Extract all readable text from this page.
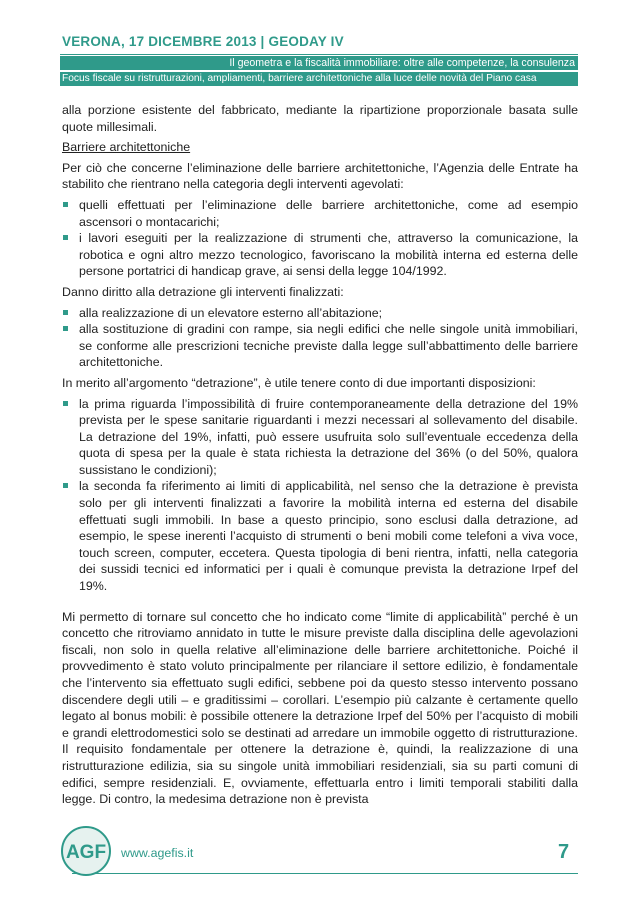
VERONA, 17 DICEMBRE 2013 | GEODAY IV
Il geometra e la fiscalità immobiliare: oltre alle competenze, la consulenza
Focus fiscale su ristrutturazioni, ampliamenti, barriere architettoniche alla luce delle novità del Piano casa

alla porzione esistente del fabbricato, mediante la ripartizione proporzionale basata sulle quote millesimali.

Barriere architettoniche

Per ciò che concerne l’eliminazione delle barriere architettoniche, l’Agenzia delle Entrate ha stabilito che rientrano nella categoria degli interventi agevolati:

quelli effettuati per l’eliminazione delle barriere architettoniche, come ad esempio ascensori o montacarichi;
i lavori eseguiti per la realizzazione di strumenti che, attraverso la comunicazione, la robotica e ogni altro mezzo tecnologico, favoriscano la mobilità interna ed esterna delle persone portatrici di handicap grave, ai sensi della legge 104/1992.

Danno diritto alla detrazione gli interventi finalizzati:

alla realizzazione di un elevatore esterno all’abitazione;
alla sostituzione di gradini con rampe, sia negli edifici che nelle singole unità immobiliari, se conforme alle prescrizioni tecniche previste dalla legge sull’abbattimento delle barriere architettoniche.

In merito all’argomento “detrazione”, è utile tenere conto di due importanti disposizioni:

la prima riguarda l’impossibilità di fruire contemporaneamente della detrazione del 19% prevista per le spese sanitarie riguardanti i mezzi necessari al sollevamento del disabile. La detrazione del 19%, infatti, può essere usufruita solo sull’eventuale eccedenza della quota di spesa per la quale è stata richiesta la detrazione del 36% (o del 50%, qualora sussistano le condizioni);
la seconda fa riferimento ai limiti di applicabilità, nel senso che la detrazione è prevista solo per gli interventi finalizzati a favorire la mobilità interna ed esterna del disabile effettuati sugli immobili. In base a questo principio, sono esclusi dalla detrazione, ad esempio, le spese inerenti l’acquisto di strumenti o beni mobili come telefoni a viva voce, touch screen, computer, eccetera. Questa tipologia di beni rientra, infatti, nella categoria dei sussidi tecnici ed informatici per i quali è comunque prevista la detrazione Irpef del 19%.

Mi permetto di tornare sul concetto che ho indicato come “limite di applicabilità” perché è un concetto che ritroviamo annidato in tutte le misure previste dalla disciplina delle agevolazioni fiscali, non solo in quella relative all’eliminazione delle barriere architettoniche. Poiché il provvedimento è stato voluto principalmente per rilanciare il settore edilizio, è fondamentale che l’intervento sia effettuato sugli edifici, sebbene poi da questo stesso intervento possano discendere degli utili – e graditissimi – corollari. L’esempio più calzante è certamente quello legato al bonus mobili: è possibile ottenere la detrazione Irpef del 50% per l’acquisto di mobili e grandi elettrodomestici solo se destinati ad arredare un immobile oggetto di ristrutturazione. Il requisito fondamentale per ottenere la detrazione è, quindi, la realizzazione di una ristrutturazione edilizia, sia su singole unità immobiliari residenziali, sia su parti comuni di edifici, sempre residenziali. E, ovviamente, effettuarla entro i limiti temporali stabiliti dalla legge. Di contro, la medesima detrazione non è prevista

AGF www.agefis.it	7
